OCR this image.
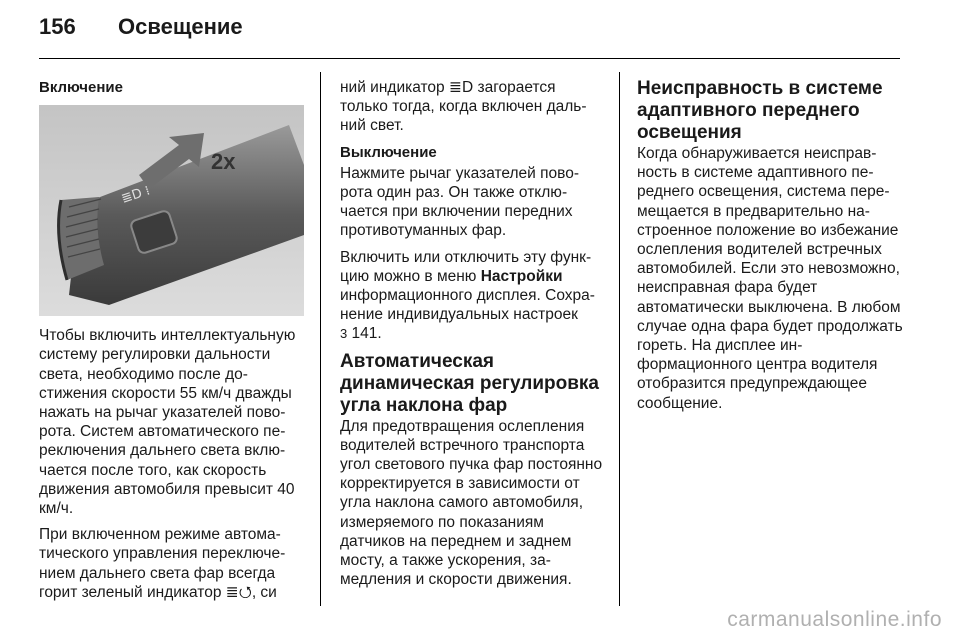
156 Освещение
Включение
≣D ⁞
2x

Чтобы включить интеллектуальную систему регулировки дальности света, необходимо после достижения скорости 55 км/ч дважды нажать на рычаг указателей поворота. Систем автоматического переключения дальнего света включается после того, как скорость движения автомобиля превысит 40 км/ч.

При включенном режиме автоматического управления переключением дальнего света фар всегда горит зеленый индикатор ≣⭯, си

ний индикатор ≣D загорается только тогда, когда включен дальний свет.

Выключение

Нажмите рычаг указателей поворота один раз. Он также отключается при включении передних противотуманных фар.

Включить или отключить эту функцию можно в меню Настройки информационного дисплея. Сохранение индивидуальных настроек
3 141.

Автоматическая динамическая регулировка угла наклона фар

Для предотвращения ослепления водителей встречного транспорта угол светового пучка фар постоянно корректируется в зависимости от угла наклона самого автомобиля, измеряемого по показаниям датчиков на переднем и заднем мосту, а также ускорения, замедления и скорости движения.

Неисправность в системе адаптивного переднего освещения

Когда обнаруживается неисправность в системе адаптивного переднего освещения, система перемещается в предварительно настроенное положение во избежание ослепления водителей встречных автомобилей. Если это невозможно, неисправная фара будет автоматически выключена. В любом случае одна фара будет продолжать гореть. На дисплее информационного центра водителя отобразится предупреждающее сообщение.

carmanualsonline.info
